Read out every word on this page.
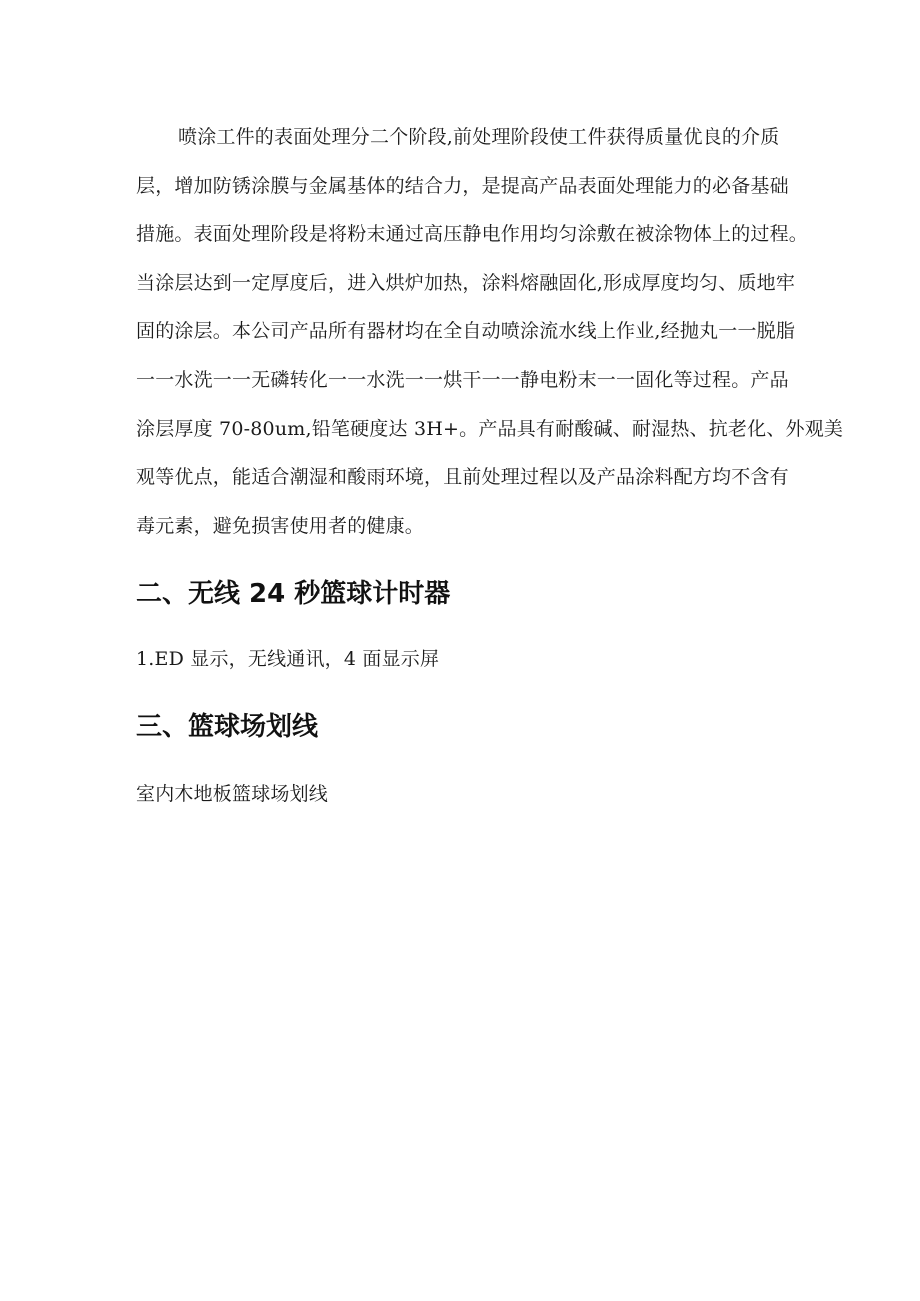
喷涂工件的表面处理分二个阶段,前处理阶段使工件获得质量优良的介质
层，增加防锈涂膜与金属基体的结合力，是提高产品表面处理能力的必备基础
措施。表面处理阶段是将粉末通过高压静电作用均匀涂敷在被涂物体上的过程。
当涂层达到一定厚度后，进入烘炉加热，涂料熔融固化,形成厚度均匀、质地牢
固的涂层。本公司产品所有器材均在全自动喷涂流水线上作业,经抛丸一一脱脂
一一水洗一一无磷转化一一水洗一一烘干一一静电粉末一一固化等过程。产品
涂层厚度 70-80um,铅笔硬度达 3H+。产品具有耐酸碱、耐湿热、抗老化、外观美
观等优点，能适合潮湿和酸雨环境，且前处理过程以及产品涂料配方均不含有
毒元素，避免损害使用者的健康。
二、无线 24 秒篮球计时器
1.ED 显示，无线通讯，4 面显示屏
三、篮球场划线
室内木地板篮球场划线
